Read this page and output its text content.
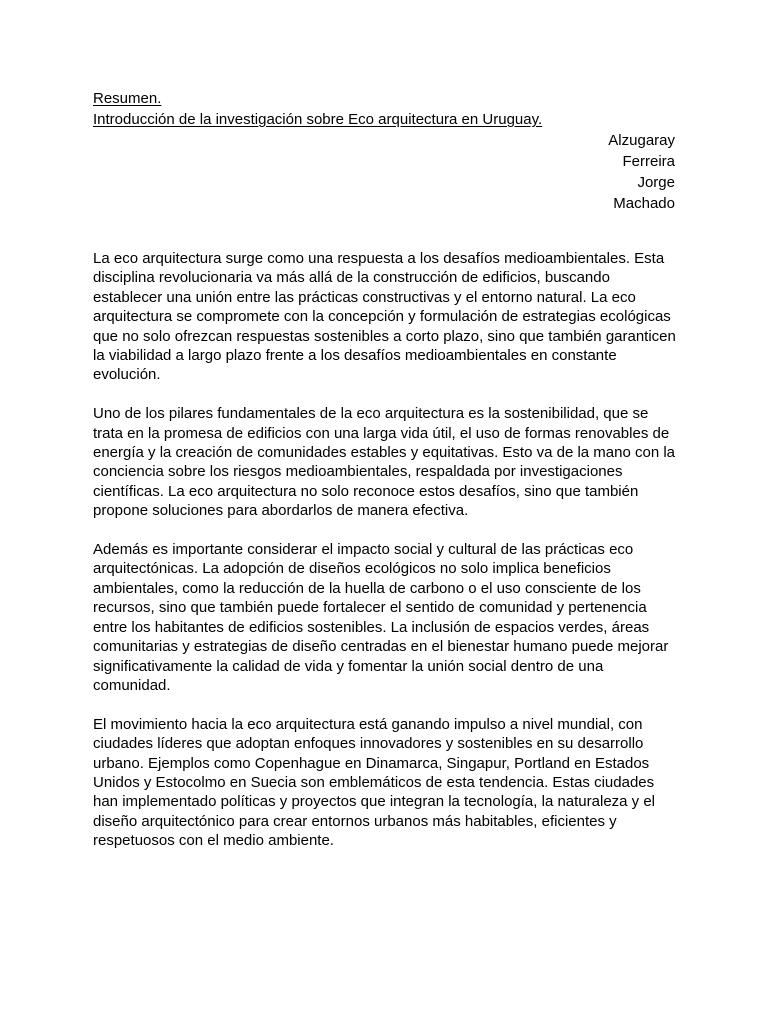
Resumen.
Introducción de la investigación sobre Eco arquitectura en Uruguay.
Alzugaray
Ferreira
Jorge
Machado

La eco arquitectura surge como una respuesta a los desafíos medioambientales. Esta disciplina revolucionaria va más allá de la construcción de edificios, buscando establecer una unión entre las prácticas constructivas y el entorno natural. La eco arquitectura se compromete con la concepción y formulación de estrategias ecológicas que no solo ofrezcan respuestas sostenibles a corto plazo, sino que también garanticen la viabilidad a largo plazo frente a los desafíos medioambientales en constante evolución.

Uno de los pilares fundamentales de la eco arquitectura es la sostenibilidad, que se trata en la promesa de edificios con una larga vida útil, el uso de formas renovables de energía y la creación de comunidades estables y equitativas. Esto va de la mano con la conciencia sobre los riesgos medioambientales, respaldada por investigaciones científicas. La eco arquitectura no solo reconoce estos desafíos, sino que también propone soluciones para abordarlos de manera efectiva.

Además es importante considerar el impacto social y cultural de las prácticas eco arquitectónicas. La adopción de diseños ecológicos no solo implica beneficios ambientales, como la reducción de la huella de carbono o el uso consciente de los recursos, sino que también puede fortalecer el sentido de comunidad y pertenencia entre los habitantes de edificios sostenibles. La inclusión de espacios verdes, áreas comunitarias y estrategias de diseño centradas en el bienestar humano puede mejorar significativamente la calidad de vida y fomentar la unión social dentro de una comunidad.

El movimiento hacia la eco arquitectura está ganando impulso a nivel mundial, con ciudades líderes que adoptan enfoques innovadores y sostenibles en su desarrollo urbano. Ejemplos como Copenhague en Dinamarca, Singapur, Portland en Estados Unidos y Estocolmo en Suecia son emblemáticos de esta tendencia. Estas ciudades han implementado políticas y proyectos que integran la tecnología, la naturaleza y el diseño arquitectónico para crear entornos urbanos más habitables, eficientes y respetuosos con el medio ambiente.
